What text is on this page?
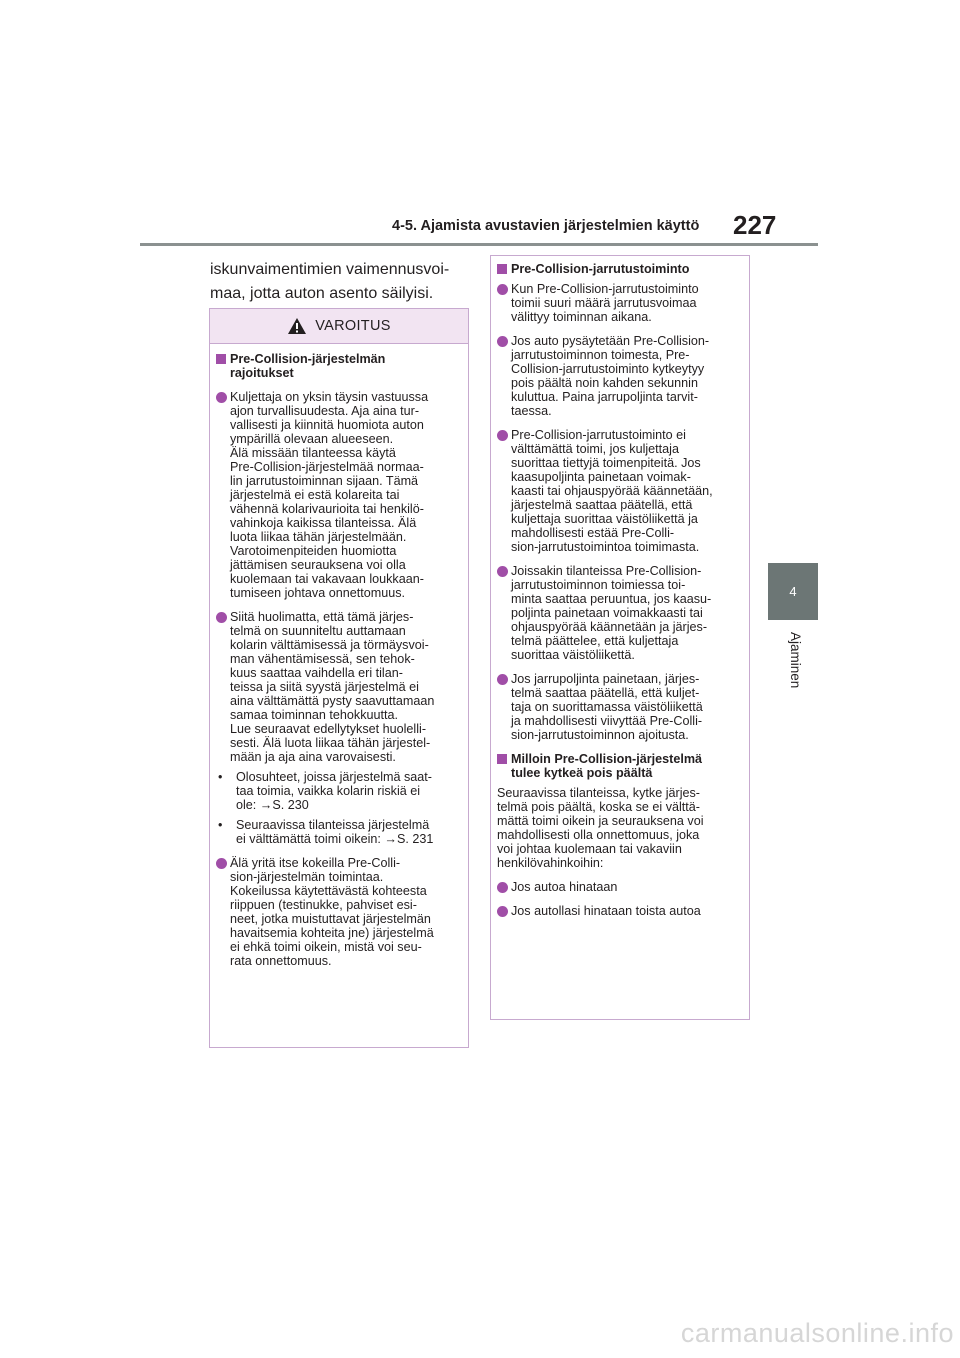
4-5. Ajamista avustavien järjestelmien käyttö 227
4
Ajaminen
iskunvaimentimien vaimennusvoi-
maa, jotta auton asento säilyisi.
VAROITUS
Pre-Collision-järjestelmän
rajoitukset
Kuljettaja on yksin täysin vastuussa
ajon turvallisuudesta. Aja aina tur-
vallisesti ja kiinnitä huomiota auton
ympärillä olevaan alueeseen.
Älä missään tilanteessa käytä
Pre-Collision-järjestelmää normaa-
lin jarrutustoiminnan sijaan. Tämä
järjestelmä ei estä kolareita tai
vähennä kolarivaurioita tai henkilö-
vahinkoja kaikissa tilanteissa. Älä
luota liikaa tähän järjestelmään.
Varotoimenpiteiden huomiotta
jättämisen seurauksena voi olla
kuolemaan tai vakavaan loukkaan-
tumiseen johtava onnettomuus.
Siitä huolimatta, että tämä järjes-
telmä on suunniteltu auttamaan
kolarin välttämisessä ja törmäysvoi-
man vähentämisessä, sen tehok-
kuus saattaa vaihdella eri tilan-
teissa ja siitä syystä järjestelmä ei
aina välttämättä pysty saavuttamaan
samaa toiminnan tehokkuutta.
Lue seuraavat edellytykset huolelli-
sesti. Älä luota liikaa tähän järjestel-
mään ja aja aina varovaisesti.
•	Olosuhteet, joissa järjestelmä saat-
taa toimia, vaikka kolarin riskiä ei
ole: →S. 230
•	Seuraavissa tilanteissa järjestelmä
ei välttämättä toimi oikein: →S. 231
Älä yritä itse kokeilla Pre-Colli-
sion-järjestelmän toimintaa.
Kokeilussa käytettävästä kohteesta
riippuen (testinukke, pahviset esi-
neet, jotka muistuttavat järjestelmän
havaitsemia kohteita jne) järjestelmä
ei ehkä toimi oikein, mistä voi seu-
rata onnettomuus.
Pre-Collision-jarrutustoiminto
Kun Pre-Collision-jarrutustoiminto
toimii suuri määrä jarrutusvoimaa
välittyy toiminnan aikana.
Jos auto pysäytetään Pre-Collision-
jarrutustoiminnon toimesta, Pre-
Collision-jarrutustoiminto kytkeytyy
pois päältä noin kahden sekunnin
kuluttua. Paina jarrupoljinta tarvit-
taessa.
Pre-Collision-jarrutustoiminto ei
välttämättä toimi, jos kuljettaja
suorittaa tiettyjä toimenpiteitä. Jos
kaasupoljinta painetaan voimak-
kaasti tai ohjauspyörää käännetään,
järjestelmä saattaa päätellä, että
kuljettaja suorittaa väistöliikettä ja
mahdollisesti estää Pre-Colli-
sion-jarrutustoimintoa toimimasta.
Joissakin tilanteissa Pre-Collision-
jarrutustoiminnon toimiessa toi-
minta saattaa peruuntua, jos kaasu-
poljinta painetaan voimakkaasti tai
ohjauspyörää käännetään ja järjes-
telmä päättelee, että kuljettaja
suorittaa väistöliikettä.
Jos jarrupoljinta painetaan, järjes-
telmä saattaa päätellä, että kuljet-
taja on suorittamassa väistöliikettä
ja mahdollisesti viivyttää Pre-Colli-
sion-jarrutustoiminnon ajoitusta.
Milloin Pre-Collision-järjestelmä
tulee kytkeä pois päältä
Seuraavissa tilanteissa, kytke järjes-
telmä pois päältä, koska se ei välttä-
mättä toimi oikein ja seurauksena voi
mahdollisesti olla onnettomuus, joka
voi johtaa kuolemaan tai vakaviin
henkilövahinkoihin:
Jos autoa hinataan
Jos autollasi hinataan toista autoa
carmanualsonline.info
